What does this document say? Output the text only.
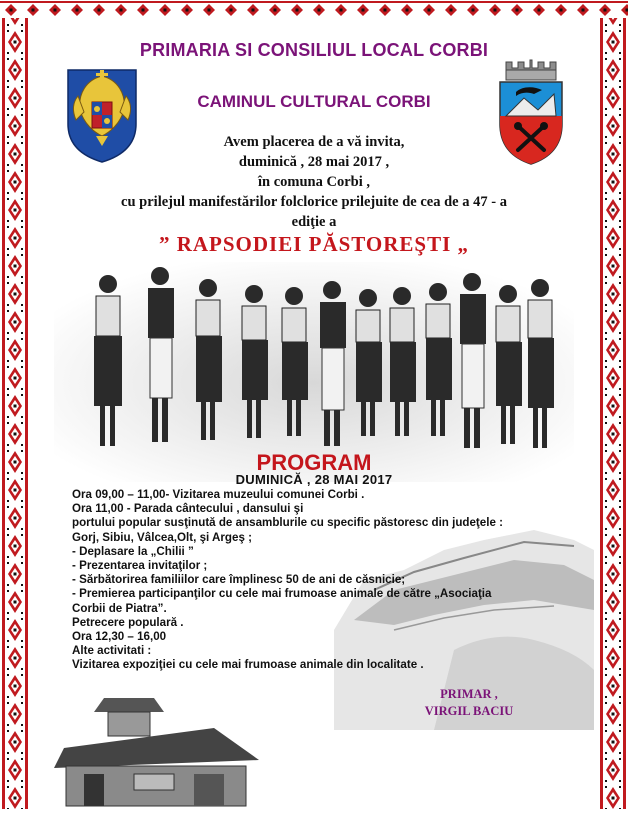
PRIMARIA SI CONSILIUL LOCAL CORBI
CAMINUL CULTURAL CORBI
Avem placerea de a vă invita,
duminică , 28 mai 2017 ,
în comuna Corbi ,
cu prilejul manifestărilor folclorice prilejuite de cea de a 47 - a
ediţie a
” RAPSODIEI PĂSTOREŞTI „
PROGRAM
DUMINICĂ , 28 MAI 2017
Ora 09,00 – 11,00- Vizitarea muzeului comunei Corbi .
Ora 11,00 - Parada cântecului , dansului şi
portului popular susţinută de ansamblurile cu specific păstoresc din judeţele :
Gorj, Sibiu, Vâlcea,Olt, şi Argeş ;
- Deplasare la „Chilii ”
- Prezentarea invitaţilor ;
- Sărbătorirea familiilor care împlinesc 50 de ani de căsnicie;
- Premierea participanţilor cu cele mai frumoase animale de către „Asociaţia
Corbii de Piatra”.
Petrecere populară .
Ora 12,30 – 16,00
Alte activitati :
Vizitarea expoziţiei cu cele mai frumoase animale din localitate .
PRIMAR ,
VIRGIL BACIU
